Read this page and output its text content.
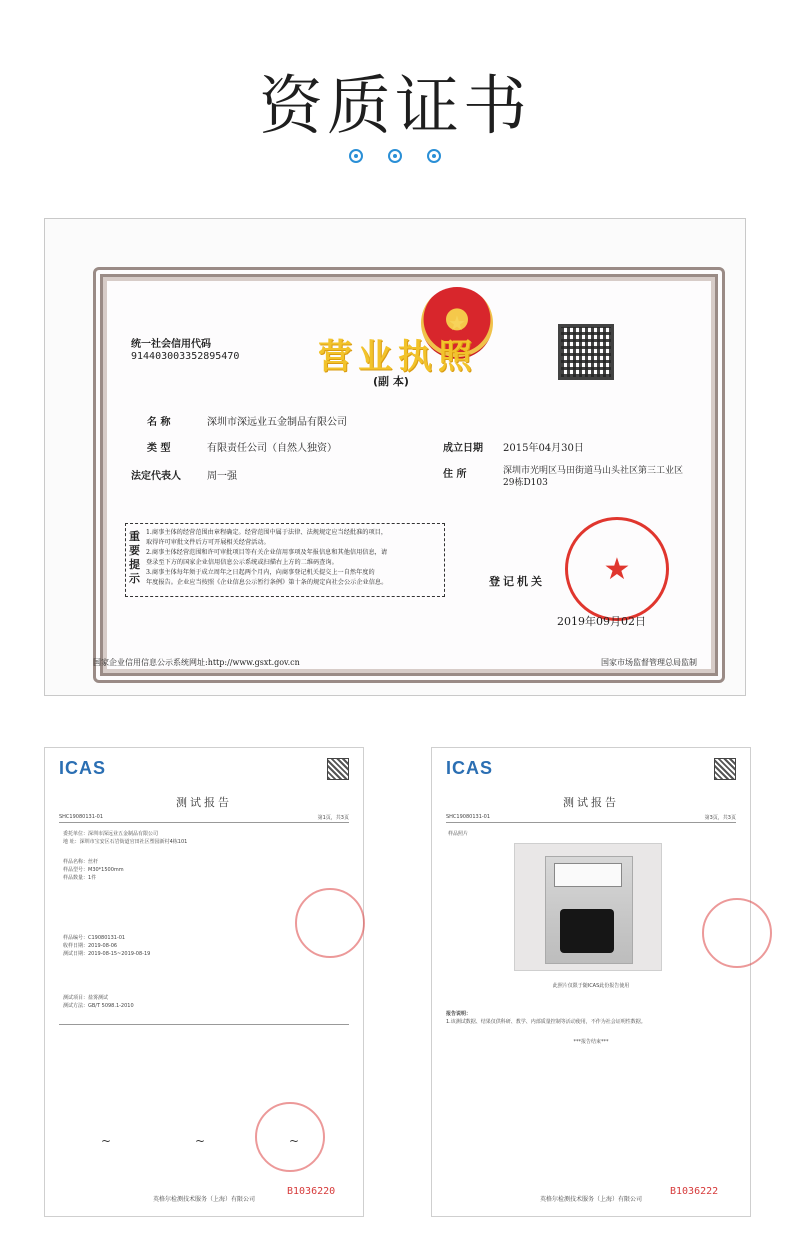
资质证书

★
统一社会信用代码
914403003352895470 营业执照
(副 本)
名 称	深圳市深远业五金制品有限公司
类 型	有限责任公司（自然人独资）
法定代表人	周一强
成立日期 2015年04月30日
住 所	深圳市光明区马田街道马山头社区第三工业区29栋D103
重要提示
1.商事主体的经营范围由章程确定。经营范围中属于法律、法规规定应当经批准的项目，
取得许可审批文件后方可开展相关经营活动。
2.商事主体经营范围和许可审批项目等有关企业信用事项及年报信息和其他信用信息，请
登录至下方的国家企业信用信息公示系统或扫描右上方的二维码查询。
3.商事主体每年须于成立周年之日起两个月内，向商事登记机关提交上一自然年度的
年度报告。企业应当按照《企业信息公示暂行条例》第十条的规定向社会公示企业信息。	★
登记机关
2019年09月02日
国家企业信用信息公示系统网址:http://www.gsxt.gov.cn	国家市场监督管理总局监制
ICAS
测试报告
SHC19080131-01	第1页，共3页
委托单位：深圳市深远业五金制品有限公司
地 址：深圳市宝安区石岩街道官田社区塑园新村4栋101
样品名称：丝杆
样品型号：M30*1500mm
样品数量：1件
样品编号：C19080131-01
收样日期：2019-08-06
测试日期：2019-08-15~2019-08-19
测试项目：盐雾测试
测试方法：GB/T 5098.1-2010
~	~	~
英格尔检测技术服务（上海）有限公司
B1036220
ICAS
测试报告
SHC19080131-01	第3页，共3页
样品照片
此照片仅限于随ICAS此份报告使用
报告说明：
1.该测试数据、结果仅供科研、教学、内部质量控制等活动使用，不作为社会证明性数据。
***报告结束***
英格尔检测技术服务（上海）有限公司
B1036222
